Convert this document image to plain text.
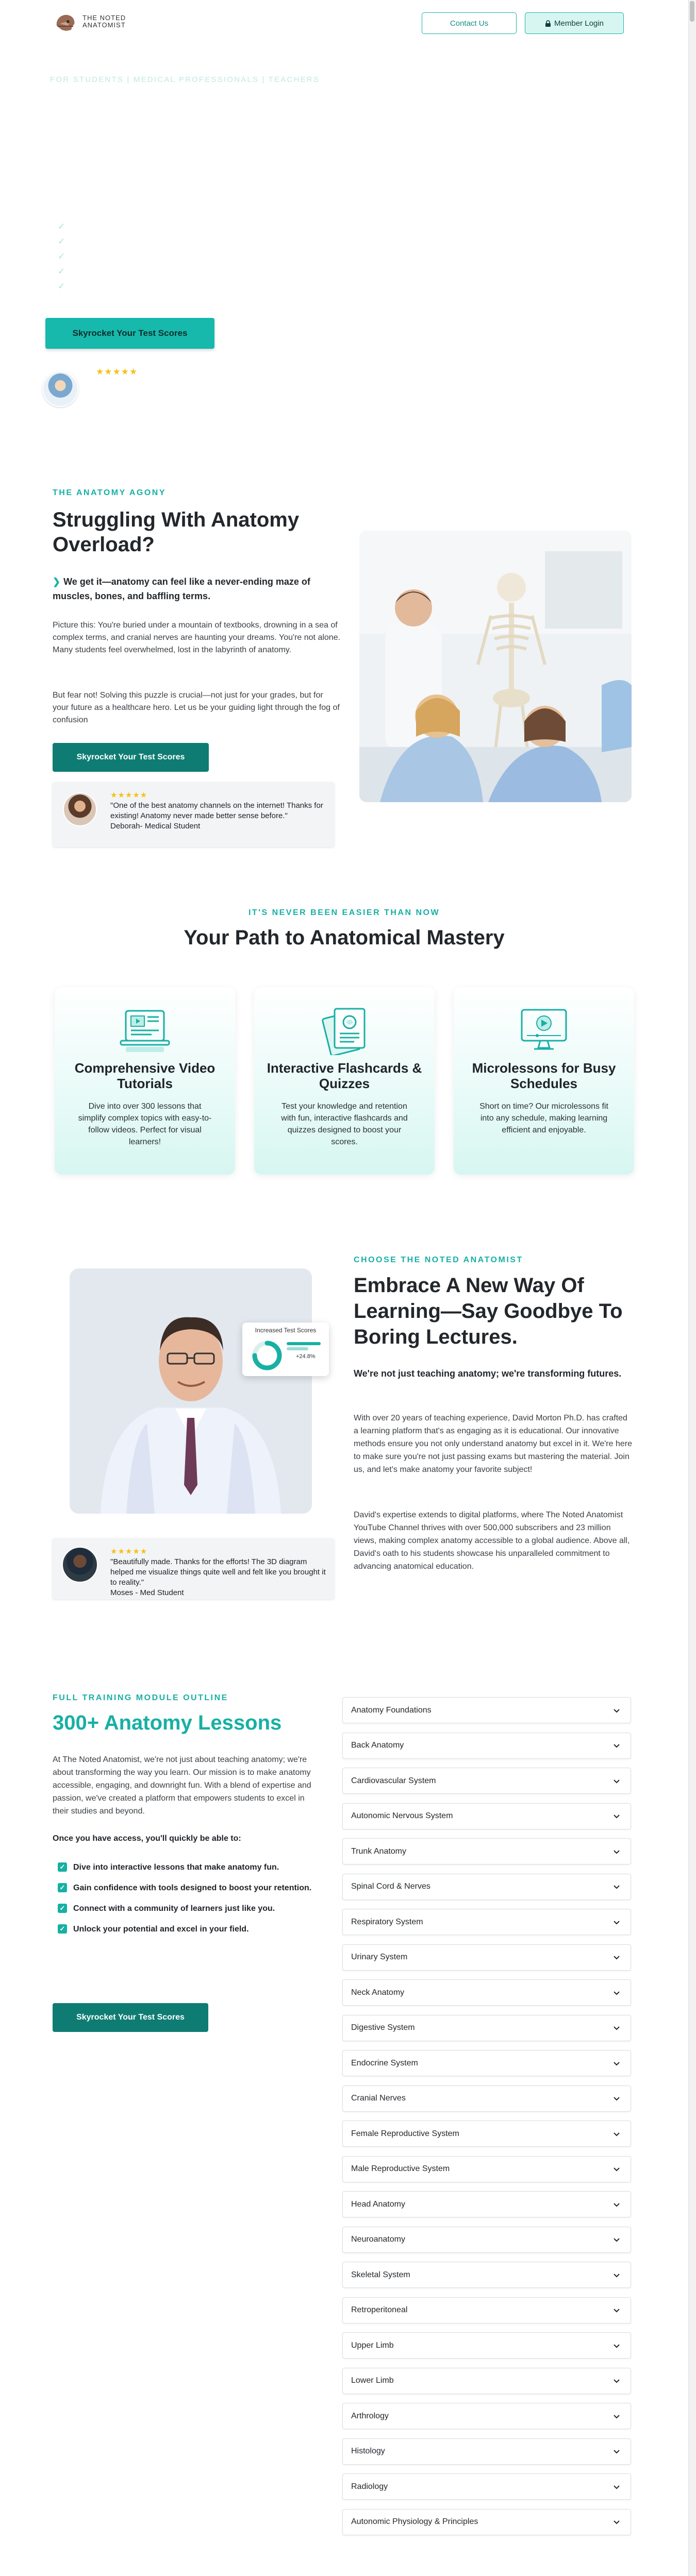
THE NOTED
ANATOMIST	Contact Us	Member Login
FOR STUDENTS | MEDICAL PROFESSIONALS | TEACHERS
✓
✓
✓
✓
✓
Skyrocket Your Test Scores
★★★★★
THE ANATOMY AGONY
Struggling With Anatomy Overload?
❯ We get it—anatomy can feel like a never-ending maze of muscles, bones, and baffling terms.

Picture this: You're buried under a mountain of textbooks, drowning in a sea of complex terms, and cranial nerves are haunting your dreams. You're not alone. Many students feel overwhelmed, lost in the labyrinth of anatomy.

But fear not! Solving this puzzle is crucial—not just for your grades, but for your future as a healthcare hero. Let us be your guiding light through the fog of confusion

Skyrocket Your Test Scores
★★★★★
"One of the best anatomy channels on the internet! Thanks for existing! Anatomy never made better sense before."
Deborah- Medical Student
IT'S NEVER BEEN EASIER THAN NOW
Your Path to Anatomical Mastery
Comprehensive Video Tutorials
Dive into over 300 lessons that simplify complex topics with easy-to-follow videos. Perfect for visual learners!
Interactive Flashcards & Quizzes
Test your knowledge and retention with fun, interactive flashcards and quizzes designed to boost your scores.
Microlessons for Busy Schedules
Short on time? Our microlessons fit into any schedule, making learning efficient and enjoyable.
Increased Test Scores
+24.8%
CHOOSE THE NOTED ANATOMIST
Embrace A New Way Of Learning—Say Goodbye To Boring Lectures.
We're not just teaching anatomy; we're transforming futures.

With over 20 years of teaching experience, David Morton Ph.D. has crafted a learning platform that's as engaging as it is educational. Our innovative methods ensure you not only understand anatomy but excel in it. We're here to make sure you're not just passing exams but mastering the material. Join us, and let's make anatomy your favorite subject!

David's expertise extends to digital platforms, where The Noted Anatomist YouTube Channel thrives with over 500,000 subscribers and 23 million views, making complex anatomy accessible to a global audience. Above all, David's oath to his students showcase his unparalleled commitment to advancing anatomical education.

★★★★★
"Beautifully made. Thanks for the efforts! The 3D diagram helped me visualize things quite well and felt like you brought it to reality."
Moses - Med Student
FULL TRAINING MODULE OUTLINE
300+ Anatomy Lessons

At The Noted Anatomist, we're not just about teaching anatomy; we're about transforming the way you learn. Our mission is to make anatomy accessible, engaging, and downright fun. With a blend of expertise and passion, we've created a platform that empowers students to excel in their studies and beyond.

Once you have access, you'll quickly be able to:
✓ Dive into interactive lessons that make anatomy fun.
✓ Gain confidence with tools designed to boost your retention.
✓ Connect with a community of learners just like you.
✓ Unlock your potential and excel in your field.
Skyrocket Your Test Scores
Anatomy Foundations
Back Anatomy
Cardiovascular System
Autonomic Nervous System
Trunk Anatomy
Spinal Cord & Nerves
Respiratory System
Urinary System
Neck Anatomy
Digestive System
Endocrine System
Cranial Nerves
Female Reproductive System
Male Reproductive System
Head Anatomy
Neuroanatomy
Skeletal System
Retroperitoneal
Upper Limb
Lower Limb
Arthrology
Histology
Radiology
Autonomic Physiology & Principles
